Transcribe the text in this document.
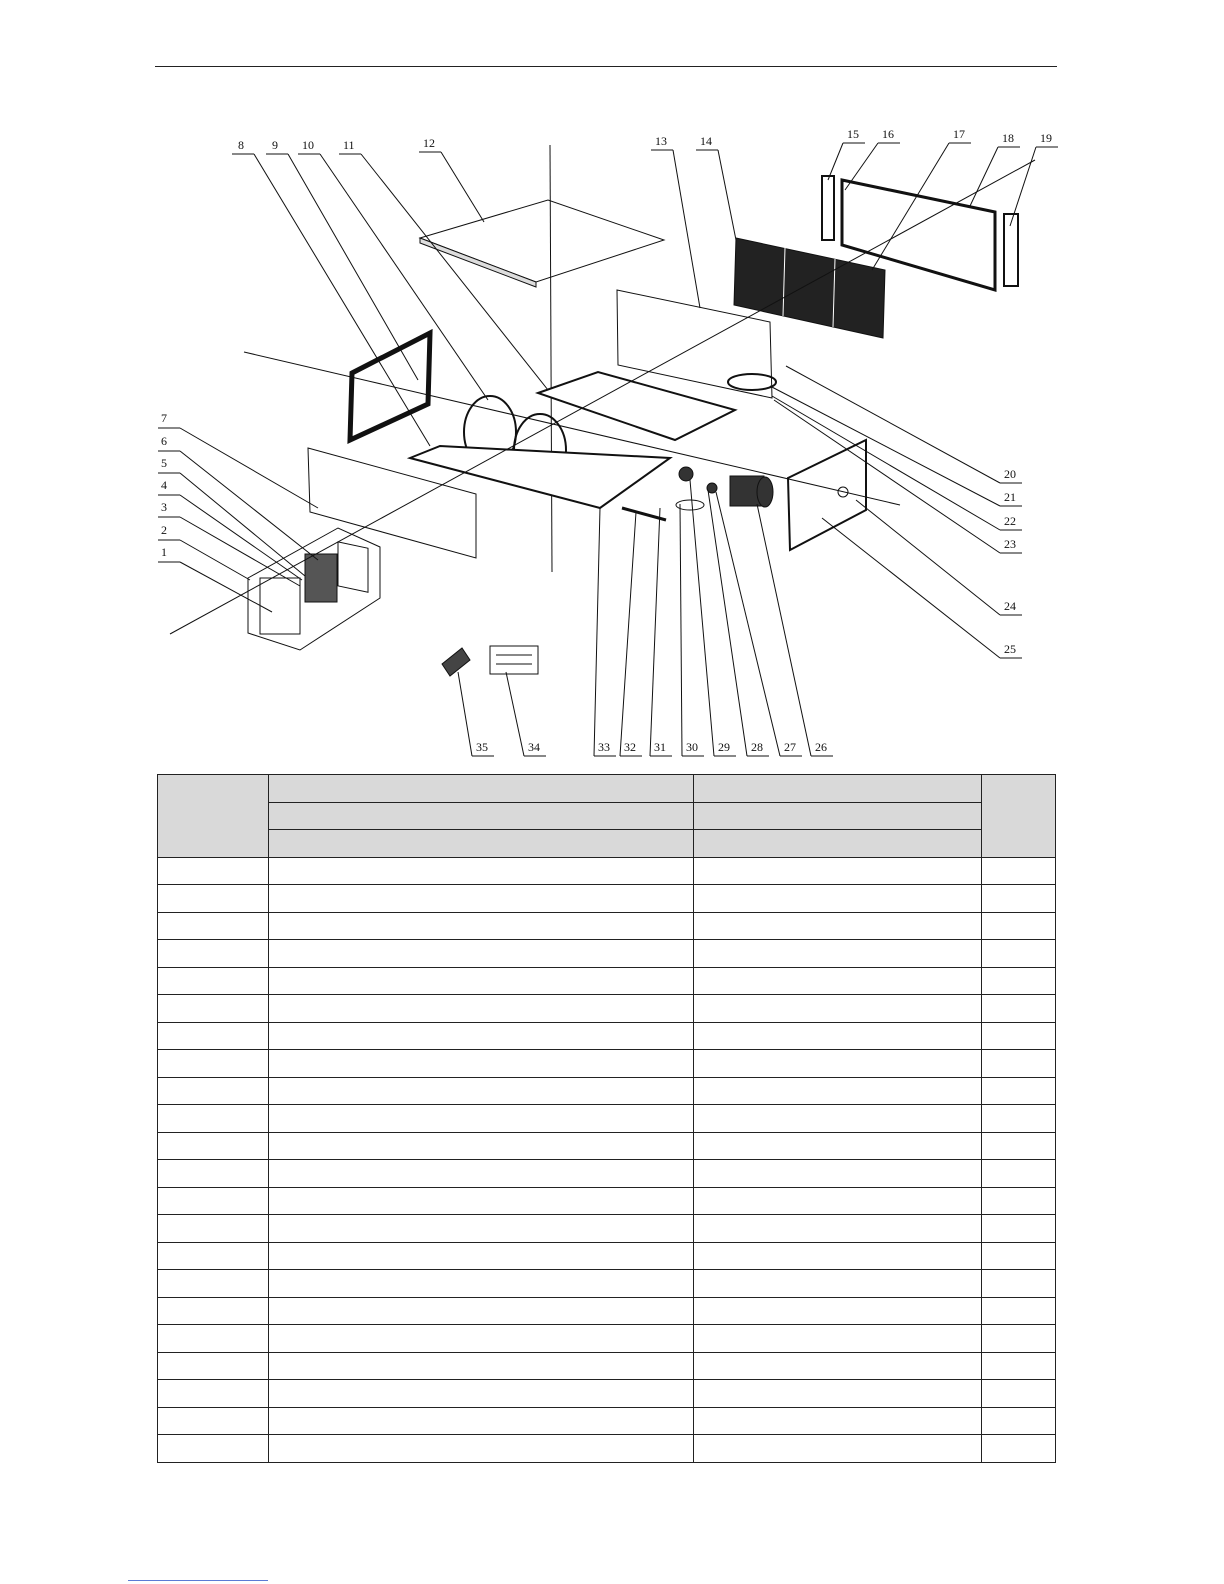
1
2
3
4
5
6
7
8 9 10 11	12	13	14	15 16	17	18 19
20
21
22
23
24
25
26
27
28
29
30
31
32
33
34
35
